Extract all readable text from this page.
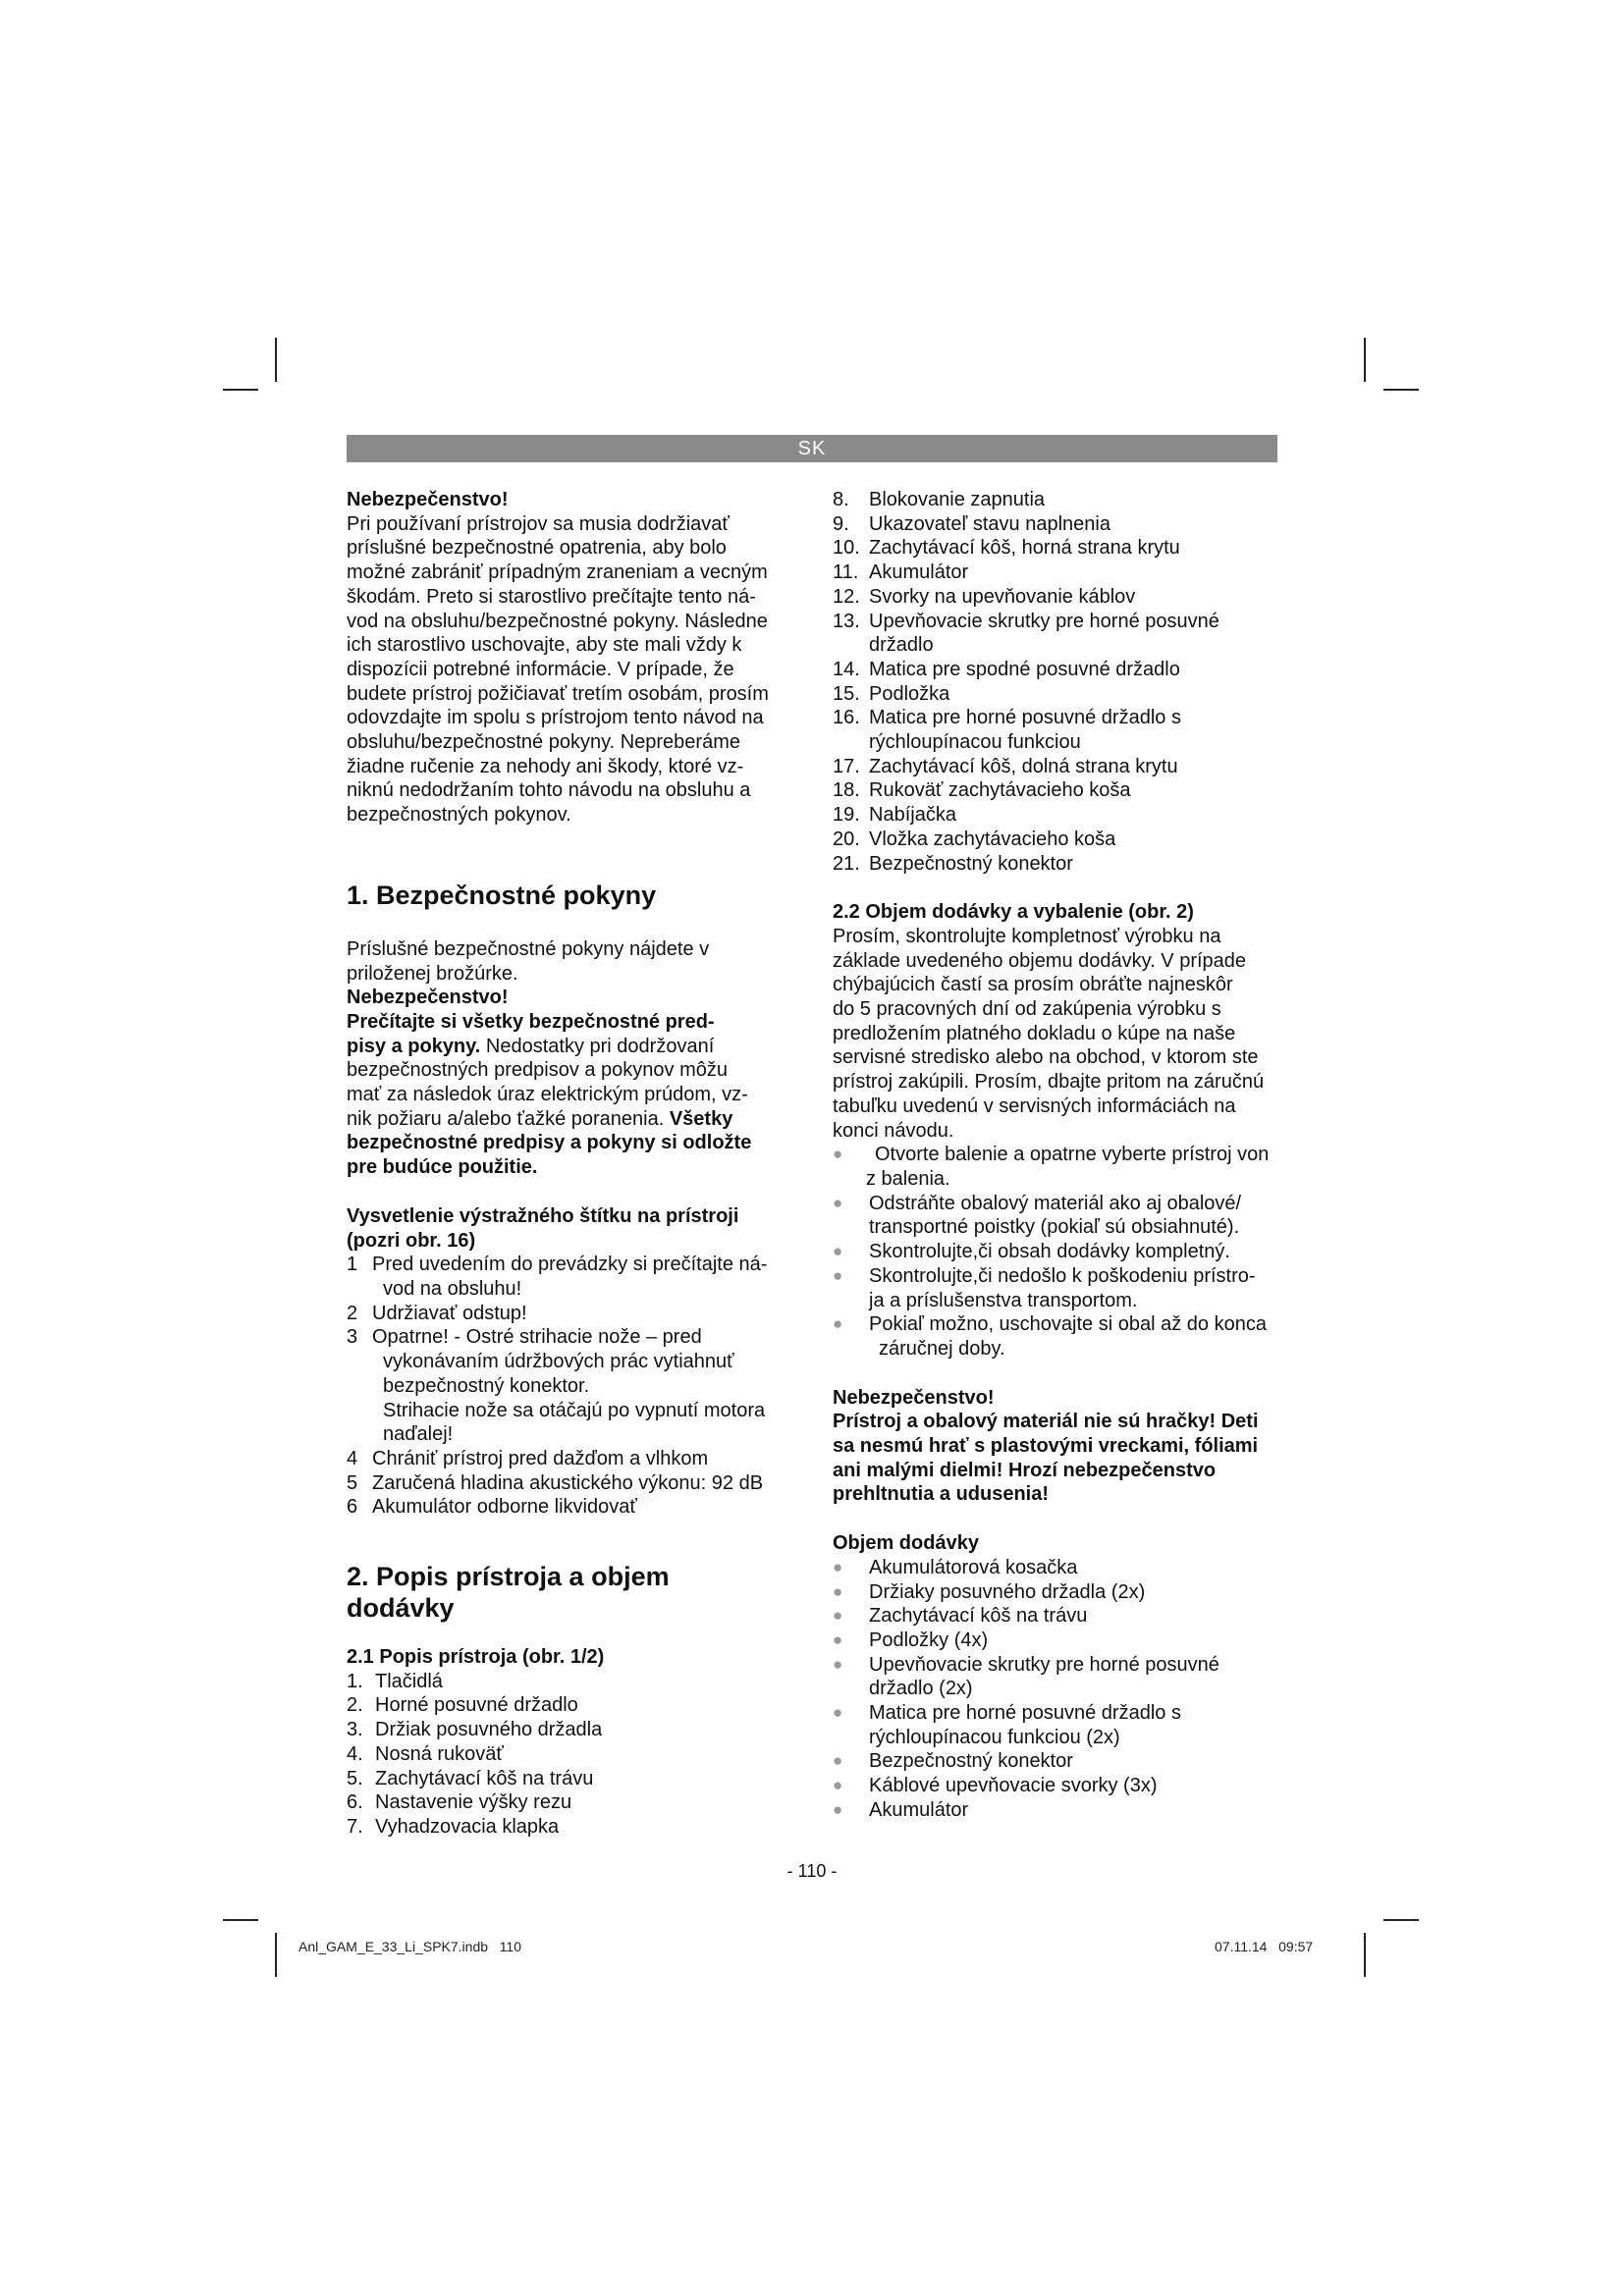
SK

Nebezpečenstvo!

Pri používaní prístrojov sa musia dodržiavať

príslušné bezpečnostné opatrenia, aby bolo

možné zabrániť prípadným zraneniam a vecným

škodám. Preto si starostlivo prečítajte tento ná-

vod na obsluhu/bezpečnostné pokyny. Následne

ich starostlivo uschovajte, aby ste mali vždy k

dispozícii potrebné informácie. V prípade, že

budete prístroj požičiavať tretím osobám, prosím

odovzdajte im spolu s prístrojom tento návod na

obsluhu/bezpečnostné pokyny. Nepreberáme

žiadne ručenie za nehody ani škody, ktoré vz-

niknú nedodržaním tohto návodu na obsluhu a

bezpečnostných pokynov.

1. Bezpečnostné pokyny

Príslušné bezpečnostné pokyny nájdete v

priloženej brožúrke.

Nebezpečenstvo!

Prečítajte si všetky bezpečnostné pred-

pisy a pokyny. Nedostatky pri dodržovaní

bezpečnostných predpisov a pokynov môžu

mať za následok úraz elektrickým prúdom, vz-

nik požiaru a/alebo ťažké poranenia. Všetky

bezpečnostné predpisy a pokyny si odložte

pre budúce použitie.

Vysvetlenie výstražného štítku na prístroji

(pozri obr. 16)

1 Pred uvedením do prevádzky si prečítajte ná-

vod na obsluhu!

2 Udržiavať odstup!

3 Opatrne! - Ostré strihacie nože – pred

vykonávaním údržbových prác vytiahnuť

bezpečnostný konektor.

Strihacie nože sa otáčajú po vypnutí motora

naďalej!

4 Chrániť prístroj pred dažďom a vlhkom

5 Zaručená hladina akustického výkonu: 92 dB

6 Akumulátor odborne likvidovať

2. Popis prístroja a objem dodávky

2.1 Popis prístroja (obr. 1/2)

1. Tlačidlá

2. Horné posuvné držadlo

3. Držiak posuvného držadla

4. Nosná rukoväť

5. Zachytávací kôš na trávu

6. Nastavenie výšky rezu

7. Vyhadzovacia klapka

8. Blokovanie zapnutia

9. Ukazovateľ stavu naplnenia

10. Zachytávací kôš, horná strana krytu

11. Akumulátor

12. Svorky na upevňovanie káblov

13. Upevňovacie skrutky pre horné posuvné

držadlo

14. Matica pre spodné posuvné držadlo

15. Podložka

16. Matica pre horné posuvné držadlo s

rýchloupínacou funkciou

17. Zachytávací kôš, dolná strana krytu

18. Rukoväť zachytávacieho koša

19. Nabíjačka

20. Vložka zachytávacieho koša

21. Bezpečnostný konektor

2.2 Objem dodávky a vybalenie (obr. 2)

Prosím, skontrolujte kompletnosť výrobku na

základe uvedeného objemu dodávky. V prípade

chýbajúcich častí sa prosím obráťte najneskôr

do 5 pracovných dní od zakúpenia výrobku s

predložením platného dokladu o kúpe na naše

servisné stredisko alebo na obchod, v ktorom ste

prístroj zakúpili. Prosím, dbajte pritom na záručnú

tabuľku uvedenú v servisných informáciách na

konci návodu.

● Otvorte balenie a opatrne vyberte prístroj von

z balenia.

● Odstráňte obalový materiál ako aj obalové/

transportné poistky (pokiaľ sú obsiahnuté).

● Skontrolujte,či obsah dodávky kompletný.

● Skontrolujte,či nedošlo k poškodeniu prístro-

ja a príslušenstva transportom.

● Pokiaľ možno, uschovajte si obal až do konca

záručnej doby.

Nebezpečenstvo!

Prístroj a obalový materiál nie sú hračky! Deti

sa nesmú hrať s plastovými vreckami, fóliami

ani malými dielmi! Hrozí nebezpečenstvo

prehltnutia a udusenia!

Objem dodávky

● Akumulátorová kosačka

● Držiaky posuvného držadla (2x)

● Zachytávací kôš na trávu

● Podložky (4x)

● Upevňovacie skrutky pre horné posuvné

držadlo (2x)

● Matica pre horné posuvné držadlo s

rýchloupínacou funkciou (2x)

● Bezpečnostný konektor

● Káblové upevňovacie svorky (3x)

● Akumulátor

- 110 -
Anl_GAM_E_33_Li_SPK7.indb   110	07.11.14   09:57
